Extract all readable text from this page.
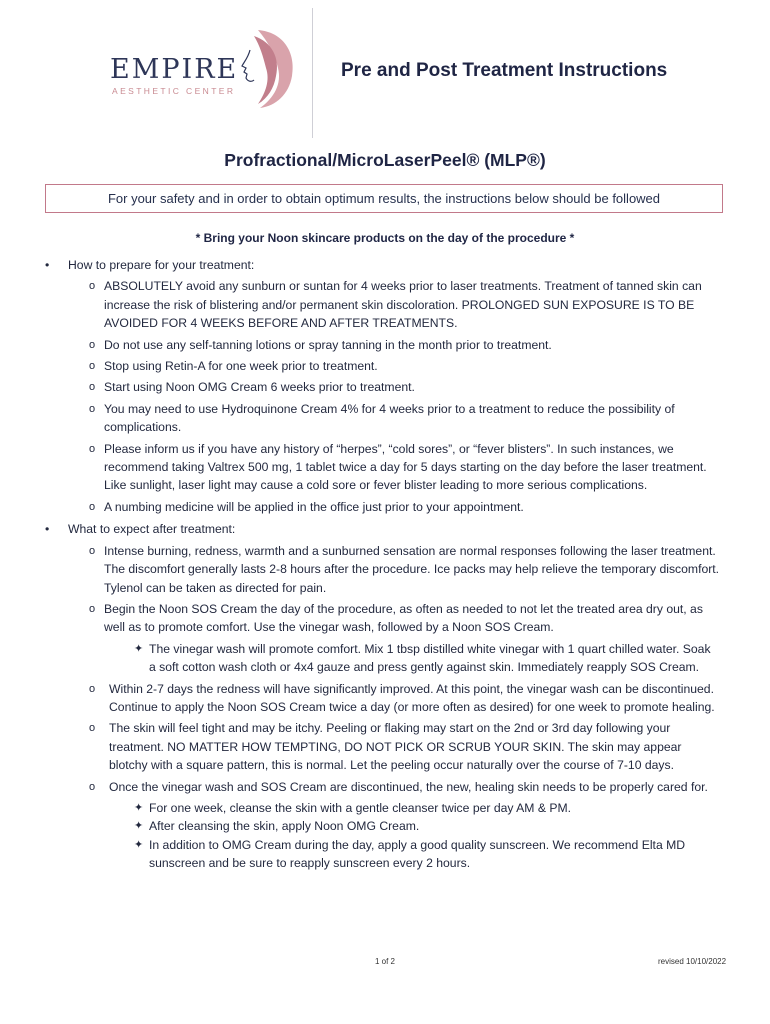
EMPIRE
AESTHETIC CENTER
Pre and Post Treatment Instructions
Profractional/MicroLaserPeel® (MLP®)
For your safety and in order to obtain optimum results, the instructions below should be followed
* Bring your Noon skincare products on the day of the procedure *
• How to prepare for your treatment:
o ABSOLUTELY avoid any sunburn or suntan for 4 weeks prior to laser treatments. Treatment of tanned skin can increase the risk of blistering and/or permanent skin discoloration. PROLONGED SUN EXPOSURE IS TO BE AVOIDED FOR 4 WEEKS BEFORE AND AFTER TREATMENTS.
o Do not use any self-tanning lotions or spray tanning in the month prior to treatment.
o Stop using Retin-A for one week prior to treatment.
o Start using Noon OMG Cream 6 weeks prior to treatment.
o You may need to use Hydroquinone Cream 4% for 4 weeks prior to a treatment to reduce the possibility of complications.
o Please inform us if you have any history of “herpes”, “cold sores”, or “fever blisters”. In such instances, we recommend taking Valtrex 500 mg, 1 tablet twice a day for 5 days starting on the day before the laser treatment. Like sunlight, laser light may cause a cold sore or fever blister leading to more serious complications.
o A numbing medicine will be applied in the office just prior to your appointment.
• What to expect after treatment:
o Intense burning, redness, warmth and a sunburned sensation are normal responses following the laser treatment. The discomfort generally lasts 2-8 hours after the procedure. Ice packs may help relieve the temporary discomfort. Tylenol can be taken as directed for pain.
o Begin the Noon SOS Cream the day of the procedure, as often as needed to not let the treated area dry out, as well as to promote comfort. Use the vinegar wash, followed by a Noon SOS Cream.
✦ The vinegar wash will promote comfort. Mix 1 tbsp distilled white vinegar with 1 quart chilled water. Soak a soft cotton wash cloth or 4x4 gauze and press gently against skin. Immediately reapply SOS Cream.
o Within 2-7 days the redness will have significantly improved. At this point, the vinegar wash can be discontinued. Continue to apply the Noon SOS Cream twice a day (or more often as desired) for one week to promote healing.
o The skin will feel tight and may be itchy. Peeling or flaking may start on the 2nd or 3rd day following your treatment. NO MATTER HOW TEMPTING, DO NOT PICK OR SCRUB YOUR SKIN. The skin may appear blotchy with a square pattern, this is normal. Let the peeling occur naturally over the course of 7-10 days.
o Once the vinegar wash and SOS Cream are discontinued, the new, healing skin needs to be properly cared for.
✦ For one week, cleanse the skin with a gentle cleanser twice per day AM & PM.
✦ After cleansing the skin, apply Noon OMG Cream.
✦ In addition to OMG Cream during the day, apply a good quality sunscreen. We recommend Elta MD sunscreen and be sure to reapply sunscreen every 2 hours.
1 of 2	revised 10/10/2022
